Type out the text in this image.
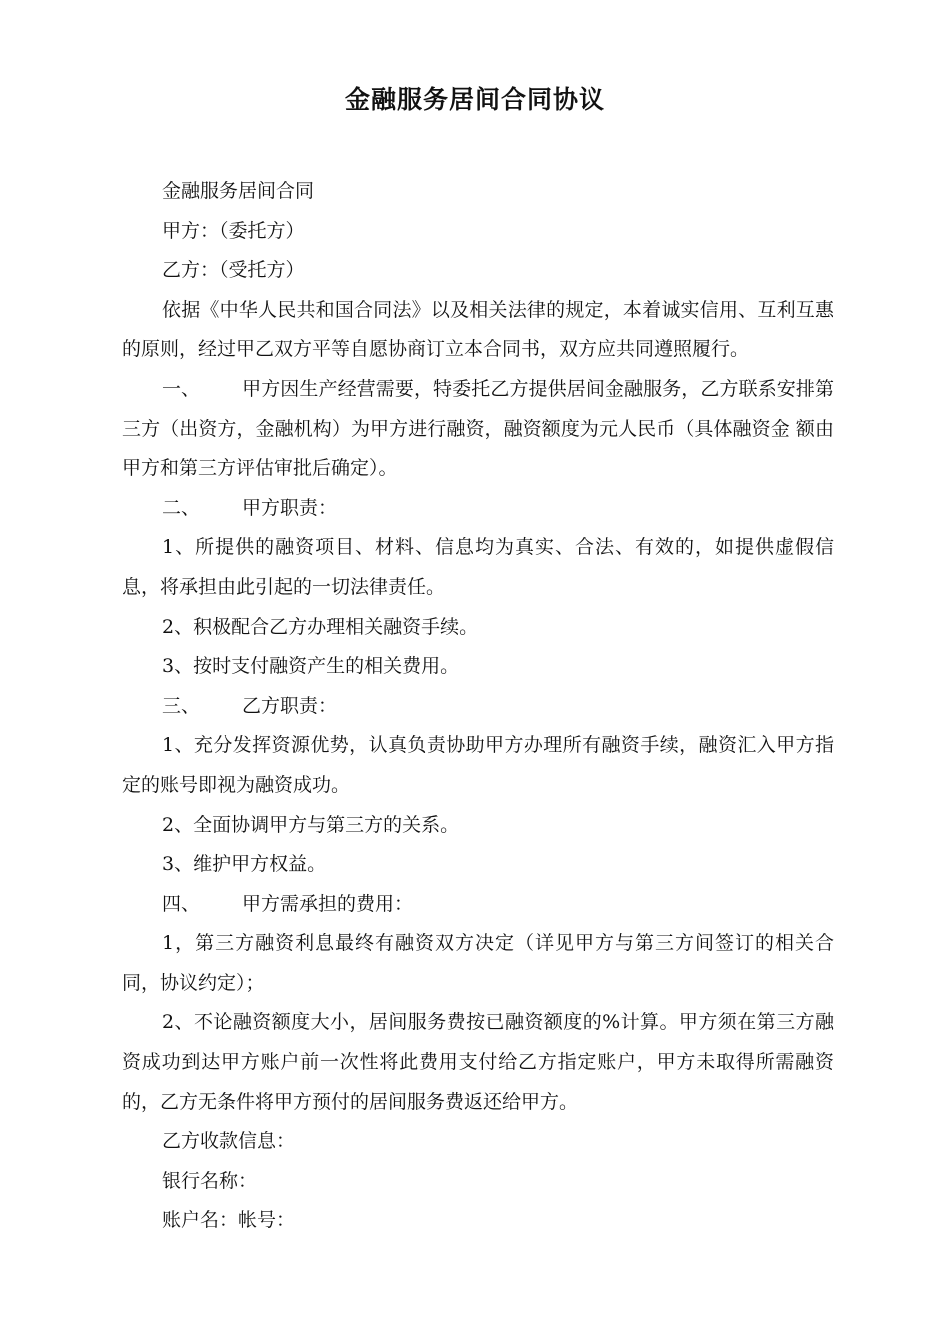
金融服务居间合同协议

金融服务居间合同

甲方：（委托方）

乙方：（受托方）

依据《中华人民共和国合同法》以及相关法律的规定，本着诚实信用、互利互惠的原则，经过甲乙双方平等自愿协商订立本合同书，双方应共同遵照履行。

一、 甲方因生产经营需要，特委托乙方提供居间金融服务，乙方联系安排第 三方（出资方，金融机构）为甲方进行融资，融资额度为元人民币（具体融资金 额由甲方和第三方评估审批后确定）。

二、 甲方职责：

1、所提供的融资项目、材料、信息均为真实、合法、有效的，如提供虚假信息，将承担由此引起的一切法律责任。

2、积极配合乙方办理相关融资手续。

3、按时支付融资产生的相关费用。

三、 乙方职责：

1、充分发挥资源优势，认真负责协助甲方办理所有融资手续，融资汇入甲方指定的账号即视为融资成功。

2、全面协调甲方与第三方的关系。

3、维护甲方权益。

四、 甲方需承担的费用：

1，第三方融资利息最终有融资双方决定（详见甲方与第三方间签订的相关合同，协议约定）；

2、不论融资额度大小，居间服务费按已融资额度的%计算。甲方须在第三方融资成功到达甲方账户前一次性将此费用支付给乙方指定账户，甲方未取得所需融资的，乙方无条件将甲方预付的居间服务费返还给甲方。

乙方收款信息：

银行名称：

账户名：帐号：
